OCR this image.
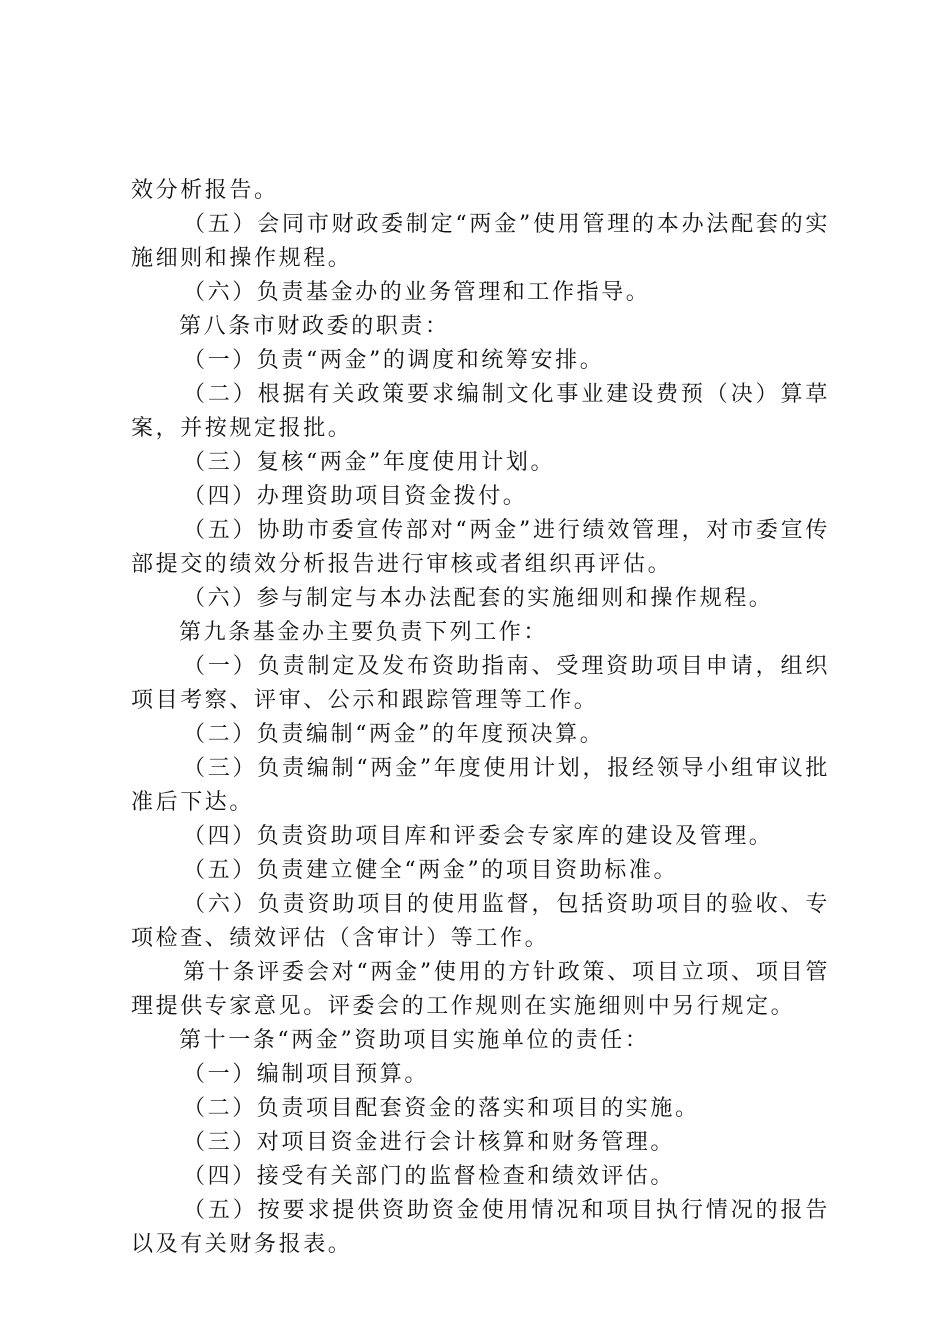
效分析报告。

（五）会同市财政委制定“两金”使用管理的本办法配套的实施细则和操作规程。

（六）负责基金办的业务管理和工作指导。

第八条市财政委的职责：

（一）负责“两金”的调度和统筹安排。

（二）根据有关政策要求编制文化事业建设费预（决）算草案，并按规定报批。

（三）复核“两金”年度使用计划。

（四）办理资助项目资金拨付。

（五）协助市委宣传部对“两金”进行绩效管理，对市委宣传部提交的绩效分析报告进行审核或者组织再评估。

（六）参与制定与本办法配套的实施细则和操作规程。

第九条基金办主要负责下列工作：

（一）负责制定及发布资助指南、受理资助项目申请，组织项目考察、评审、公示和跟踪管理等工作。

（二）负责编制“两金”的年度预决算。

（三）负责编制“两金”年度使用计划，报经领导小组审议批准后下达。

（四）负责资助项目库和评委会专家库的建设及管理。

（五）负责建立健全“两金”的项目资助标准。

（六）负责资助项目的使用监督，包括资助项目的验收、专项检查、绩效评估（含审计）等工作。

第十条评委会对“两金”使用的方针政策、项目立项、项目管理提供专家意见。评委会的工作规则在实施细则中另行规定。

第十一条“两金”资助项目实施单位的责任：

（一）编制项目预算。

（二）负责项目配套资金的落实和项目的实施。

（三）对项目资金进行会计核算和财务管理。

（四）接受有关部门的监督检查和绩效评估。

（五）按要求提供资助资金使用情况和项目执行情况的报告以及有关财务报表。
